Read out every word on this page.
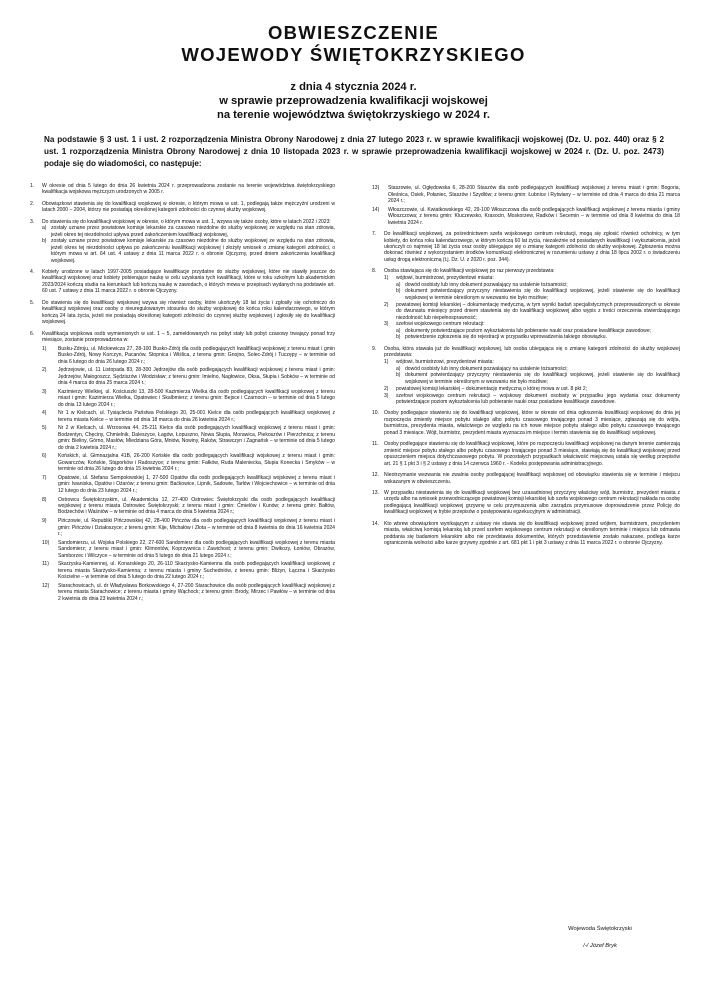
OBWIESZCZENIE

WOJEWODY ŚWIĘTOKRZYSKIEGO

z dnia 4 stycznia 2024 r.

w sprawie przeprowadzenia kwalifikacji wojskowej

na terenie województwa świętokrzyskiego w 2024 r.

Na podstawie § 3 ust. 1 i ust. 2 rozporządzenia Ministra Obrony Narodowej z dnia 27 lutego 2023 r. w sprawie kwalifikacji wojskowej (Dz. U. poz. 440) oraz § 2 ust. 1 rozporządzenia Ministra Obrony Narodowej z dnia 10 listopada 2023 r. w sprawie przeprowadzenia kwalifikacji wojskowej w 2024 r. (Dz. U. poz. 2473) podaje się do wiadomości, co następuje:

1. W okresie od dnia 5 lutego do dnia 26 kwietnia 2024 r. przeprowadzona zostanie na terenie województwa świętokrzyskiego kwalifikacja wojskowa mężczyzn urodzonych w 2005 r.
2. Obowiązkowi stawienia się do kwalifikacji wojskowej w okresie, o którym mowa w ust. 1, podlegają także mężczyźni urodzeni w latach 2000 – 2004, którzy nie posiadają określonej kategorii zdolności do czynnej służby wojskowej.
3. Do stawienia się do kwalifikacji wojskowej w okresie, o którym mowa w ust. 1, wzywa się także osoby, które w latach 2022 i 2023:
a) zostały uznane przez powiatowe komisje lekarskie za czasowo niezdolne do służby wojskowej ze względu na stan zdrowia, jeżeli okres tej niezdolności upływa przed zakończeniem kwalifikacji wojskowej,
b) zostały uznane przez powiatowe komisje lekarskie za czasowo niezdolne do służby wojskowej ze względu na stan zdrowia, jeżeli okres tej niezdolności upływa po zakończeniu kwalifikacji wojskowej i złożyły wniosek o zmianę kategorii zdolności, o którym mowa w art. 64 ust. 4 ustawy z dnia 11 marca 2022 r. o obronie Ojczyzny, przed dniem zakończenia kwalifikacji wojskowej.
4. Kobiety urodzone w latach 1997-2005 posiadające kwalifikacje przydatne do służby wojskowej, które nie stawiły jeszcze do kwalifikacji wojskowej oraz kobiety pobierające naukę w celu uzyskania tych kwalifikacji, które w roku szkolnym lub akademickim 2023/2024 kończą studia na kierunkach lub kończą naukę w zawodach, o których mowa w przepisach wydanych na podstawie art. 60 ust. 7 ustawy z dnia 11 marca 2022 r. o obronie Ojczyzny.
5. Do stawienia się do kwalifikacji wojskowej wzywa się również osoby, które ukończyły 18 lat życia i zgłosiły się ochotniczo do kwalifikacji wojskowej oraz osoby o nieuregulowanym stosunku do służby wojskowej do końca roku kalendarzowego, w którym kończą 24 lata życia, jeżeli nie posiadają określonej kategorii zdolności do czynnej służby wojskowej i zgłosiły się do kwalifikacji wojskowej.
6. Kwalifikacja wojskowa osób wymienionych w ust. 1 – 5, zameldowanych na pobyt stały lub pobyt czasowy trwający ponad trzy miesiące, zostanie przeprowadzona w:
1) Busku-Zdroju, ul. Mickiewicza 27, 28-100 Busko-Zdrój dla osób podlegających kwalifikacji wojskowej z terenu miast i gmin Busko-Zdrój, Nowy Korczyn, Pacanów, Stopnica i Wiślica, z terenu gmin: Gnojno, Solec-Zdrój i Tuczępy – w terminie od dnia 6 lutego do dnia 26 lutego 2024 r.;
2) Jędrzejowie, ul. 11 Listopada 83, 28-300 Jędrzejów dla osób podlegających kwalifikacji wojskowej z terenu miast i gmin: Jędrzejów, Małogoszcz, Sędziszów i Wodzisław; z terenu gmin: Imielno, Nagłowice, Oksa, Słupia i Sobków – w terminie od dnia 4 marca do dnia 25 marca 2024 r.;
3) Kazimierzy Wielkiej, ul. Kościuszki 13, 28-500 Kazimierza Wielka dla osób podlegających kwalifikacji wojskowej z terenu miast i gmin: Kazimierza Wielka, Opatowiec i Skalbmierz; z terenu gmin: Bejsce i Czarnocin – w terminie od dnia 5 lutego do dnia 13 lutego 2024 r.;
4) Nr 1 w Kielcach, ul. Tysiąclecia Państwa Polskiego 20, 25-001 Kielce dla osób podlegających kwalifikacji wojskowej z terenu miasta Kielce – w terminie od dnia 18 marca do dnia 26 kwietnia 2024 r.;
5) Nr 2 w Kielcach, ul. Wrzosowa 44, 25-211 Kielce dla osób podlegających kwalifikacji wojskowej z terenu miast i gmin: Bodzentyn, Chęciny, Chmielnik, Daleszyce, Łagów, Łopuszno, Nowa Słupia, Morawica, Piekoszów i Pierzchnica; z terenu gmin: Bieliny, Górno, Masłów, Miedziana Góra, Mniów, Nowiny, Raków, Strawczyn i Zagnańsk – w terminie od dnia 5 lutego do dnia 2 kwietnia 2024 r.;
6) Końskich, ul. Gimnazjalna 41B, 26-200 Końskie dla osób podlegających kwalifikacji wojskowej z terenu miast i gmin: Gowarczów, Końskie, Stąporków i Radoszyce; z terenu gmin: Fałków, Ruda Maleniecka, Słupia Konecka i Smyków – w terminie od dnia 26 lutego do dnia 15 kwietnia 2024 r.;
7) Opatowie, ul. Stefana Sempołowskiej 1, 27-500 Opatów dla osób podlegających kwalifikacji wojskowej z terenu miast i gmin: Iwaniska, Opatów i Ożarów; z terenu gmin: Baćkowice, Lipnik, Sadowie, Tarłów i Wojciechowice – w terminie od dnia 12 lutego do dnia 23 lutego 2024 r.;
8) Ostrowcu Świętokrzyskim, ul. Akademicka 12, 27-400 Ostrowiec Świętokrzyski dla osób podlegających kwalifikacji wojskowej z terenu miasta Ostrowiec Świętokrzyski; z terenu miast i gmin: Ćmielów i Kunów; z terenu gmin: Bałtów, Bodzechów i Waśniów – w terminie od dnia 4 marca do dnia 5 kwietnia 2024 r.;
9) Pińczowie, ul. Republiki Pińczowskiej 42, 28-400 Pińczów dla osób podlegających kwalifikacji wojskowej z terenu miast i gmin: Pińczów i Działoszyce; z terenu gmin: Kije, Michałów i Złota – w terminie od dnia 8 kwietnia do dnia 16 kwietnia 2024 r.;
10) Sandomierzu, ul. Wojska Polskiego 22, 27-600 Sandomierz dla osób podlegających kwalifikacji wojskowej z terenu miasta Sandomierz; z terenu miast i gmin: Klimontów, Koprzywnica i Zawichost; z terenu gmin: Dwikozy, Łoniów, Obrazów, Samborzec i Wilczyce – w terminie od dnia 5 lutego do dnia 21 lutego 2024 r.;
11) Skarżysku-Kamiennej, ul. Konarskiego 20, 26-110 Skarżysko-Kamienna dla osób podlegających kwalifikacji wojskowej z terenu miasta Skarżysko-Kamienna; z terenu miasta i gminy Suchedniów, z terenu gmin: Bliżyn, Łączna i Skarżysko Kościelne – w terminie od dnia 5 lutego do dnia 22 lutego 2024 r.;
12) Starachowicach, ul. dr Władysława Borkowskiego 4, 27-200 Starachowice dla osób podlegających kwalifikacji wojskowej z terenu miasta Starachowice; z terenu miasta i gminy Wąchock; z terenu gmin: Brody, Mirzec i Pawłów – w terminie od dnia 2 kwietnia do dnia 23 kwietnia 2024 r.;
13) Staszowie, ul. Ogłędowska 6, 28-200 Staszów dla osób podlegających kwalifikacji wojskowej z terenu miast i gmin: Bogoria, Oleśnica, Osiek, Połaniec, Staszów i Szydłów; z terenu gmin: Łubnice i Rytwiany – w terminie od dnia 4 marca do dnia 21 marca 2024 r.;
14) Włoszczowie, ul. Kwiatkowskiego 42, 29-100 Włoszczowa dla osób podlegających kwalifikacji wojskowej z terenu miasta i gminy Włoszczowa; z terenu gmin: Kluczewsko, Krasocin, Moskorzew, Radków i Secemin – w terminie od dnia 8 kwietnia do dnia 18 kwietnia 2024 r.
7. Do kwalifikacji wojskowej, za pośrednictwem szefa wojskowego centrum rekrutacji, mogą się zgłosić również ochotnicy, w tym kobiety, do końca roku kalendarzowego, w którym kończą 60 lat życia, niezależnie od posiadanych kwalifikacji i wykształcenia, jeżeli ukończyli co najmniej 18 lat życia oraz osoby ubiegające się o zmianę kategorii zdolności do służby wojskowej. Zgłoszenia można dokonać również z wykorzystaniem środków komunikacji elektronicznej w rozumieniu ustawy z dnia 18 lipca 2002 r. o świadczeniu usług drogą elektroniczną (t.j. Dz. U. z 2020 r. poz. 344).
8. Osoba stawiająca się do kwalifikacji wojskowej po raz pierwszy przedstawia:
1) wójtowi, burmistrzowi, prezydentowi miasta:
a) dowód osobisty lub inny dokument pozwalający na ustalenie tożsamości;
b) dokument potwierdzający przyczyny niestawienia się do kwalifikacji wojskowej, jeżeli stawienie się do kwalifikacji wojskowej w terminie określonym w wezwaniu nie było możliwe;
2) powiatowej komisji lekarskiej – dokumentację medyczną, w tym wyniki badań specjalistycznych przeprowadzonych w okresie do dwunastu miesięcy przed dniem stawienia się do kwalifikacji wojskowej albo wypis z treści orzeczenia stwierdzającego niezdolność lub niepełnosprawność;
3) szefowi wojskowego centrum rekrutacji:
a) dokumenty potwierdzające poziom wykształcenia lub pobieranie nauki oraz posiadane kwalifikacje zawodowe;
b) potwierdzenie zgłoszenia się do rejestracji w przypadku wprowadzenia takiego obowiązku.
9. Osoba, która stawała już do kwalifikacji wojskowej, lub osoba ubiegająca się o zmianę kategorii zdolności do służby wojskowej przedstawia:
1) wójtowi, burmistrzowi, prezydentowi miasta:
a) dowód osobisty lub inny dokument pozwalający na ustalenie tożsamości;
b) dokument potwierdzający przyczyny niestawienia się do kwalifikacji wojskowej, jeżeli stawienie się do kwalifikacji wojskowej w terminie określonym w wezwaniu nie było możliwe;
2) powiatowej komisji lekarskiej – dokumentację medyczną o której mowa w ust. 8 pkt 2;
3) szefowi wojskowego centrum rekrutacji – wojskowy dokument osobisty w przypadku jego wydania oraz dokumenty potwierdzające poziom wykształcenia lub pobieranie nauki oraz posiadane kwalifikacje zawodowe.
10. Osoby podlegające stawieniu się do kwalifikacji wojskowej, które w okresie od dnia ogłoszenia kwalifikacji wojskowej do dnia jej rozpoczęcia zmieniły miejsce pobytu stałego albo pobytu czasowego trwającego ponad 3 miesiące, zgłaszają się do wójta, burmistrza, prezydenta miasta, właściwego ze względu na ich nowe miejsce pobytu stałego albo pobytu czasowego trwającego ponad 3 miesiące. Wójt, burmistrz, prezydent miasta wyznacza im miejsce i termin stawienia się do kwalifikacji wojskowej.
11. Osoby podlegające stawieniu się do kwalifikacji wojskowej, które po rozpoczęciu kwalifikacji wojskowej na danym terenie zamierzają zmienić miejsce pobytu stałego albo pobytu czasowego trwającego ponad 3 miesiące, stawiają się do kwalifikacji wojskowej przed opuszczeniem miejsca dotychczasowego pobytu. W pozostałych przypadkach właściwość miejscową ustala się według przepisów art. 21 § 1 pkt 3 i § 2 ustawy z dnia 14 czerwca 1960 r. - Kodeks postępowania administracyjnego.
12. Nieotrzymanie wezwania nie zwalnia osoby podlegającej kwalifikacji wojskowej od obowiązku stawienia się w terminie i miejscu wskazanym w obwieszczeniu.
13. W przypadku niestawienia się do kwalifikacji wojskowej bez uzasadnionej przyczyny właściwy wójt, burmistrz, prezydent miasta z urzędu albo na wniosek przewodniczącego powiatowej komisji lekarskiej lub szefa wojskowego centrum rekrutacji nakłada na osobę podlegającą kwalifikacji wojskowej grzywnę w celu przymuszenia albo zarządza przymusowe doprowadzenie przez Policję do kwalifikacji wojskowej w trybie przepisów o postępowaniu egzekucyjnym w administracji.
14. Kto wbrew obowiązkom wynikającym z ustawy nie stawia się do kwalifikacji wojskowej przed wójtem, burmistrzem, prezydentem miasta, właściwą komisją lekarską lub przed szefem wojskowego centrum rekrutacji w określonym terminie i miejscu lub odmawia poddania się badaniom lekarskim albo nie przedstawia dokumentów, których przedstawienie zostało nakazane, podlega karze ograniczenia wolności albo karze grzywny zgodnie z art. 681 pkt 1 i pkt 3 ustawy z dnia 11 marca 2022 r. o obronie Ojczyzny.
Wojewoda Świętokrzyski
/-/ Józef Bryk
